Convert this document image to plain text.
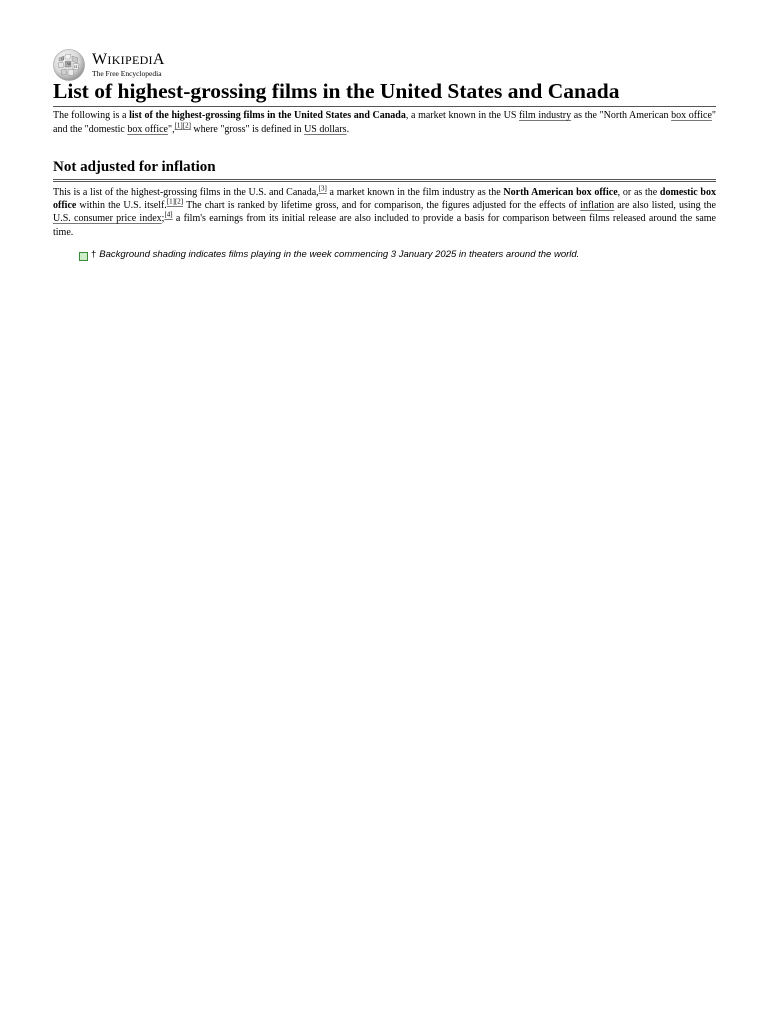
Ω
W
И WIKIPEDIA
The Free Encyclopedia
List of highest-grossing films in the United States and Canada

The following is a list of the highest-grossing films in the United States and Canada, a market known in the US film industry as the "North American box office" and the "domestic box office",[1][2] where "gross" is defined in US dollars.

Not adjusted for inflation

This is a list of the highest-grossing films in the U.S. and Canada,[3] a market known in the film industry as the North American box office, or as the domestic box office within the U.S. itself.[1][2] The chart is ranked by lifetime gross, and for comparison, the figures adjusted for the effects of inflation are also listed, using the U.S. consumer price index;[4] a film's earnings from its initial release are also included to provide a basis for comparison between films released around the same time.

† Background shading indicates films playing in the week commencing 3 January 2025 in theaters around the world.
